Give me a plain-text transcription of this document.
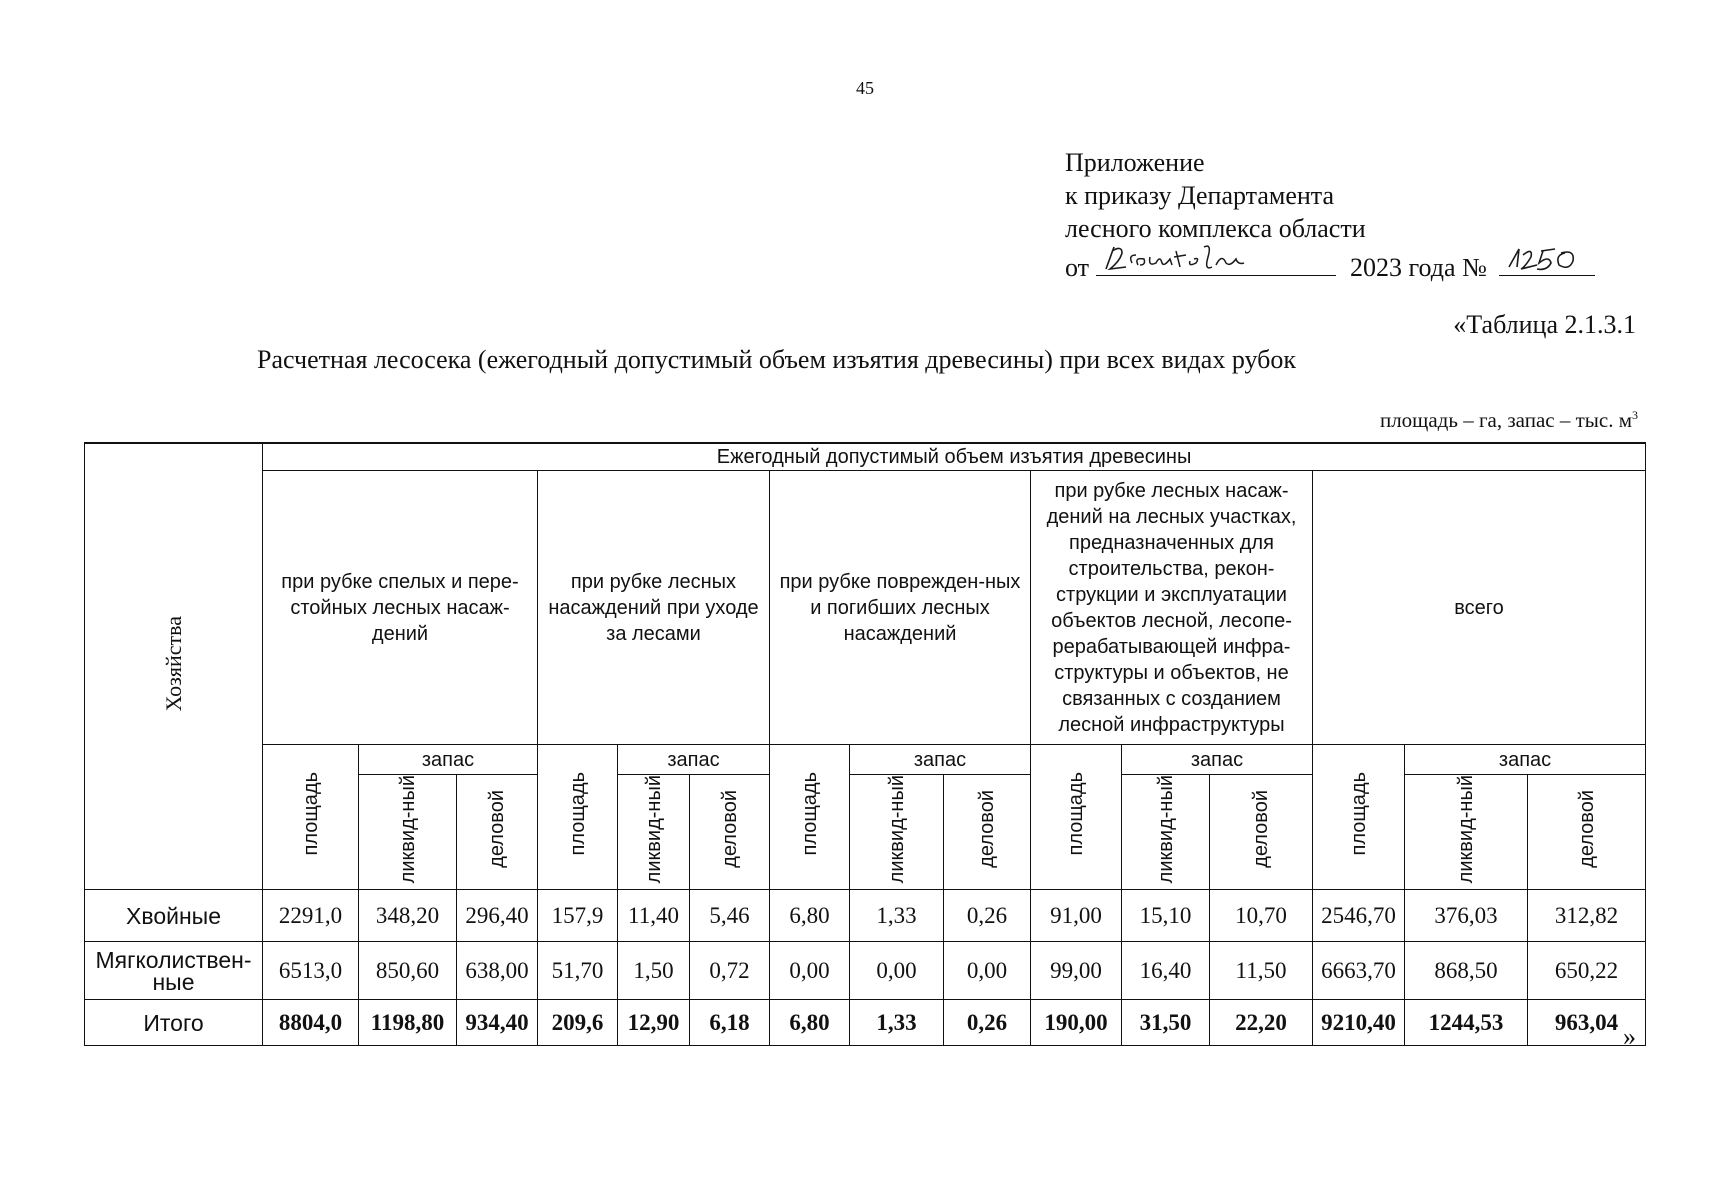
45
Приложение
к приказу Департамента
лесного комплекса области
от	2023 года №
«Таблица 2.1.3.1
Расчетная лесосека (ежегодный допустимый объем изъятия древесины) при всех видах рубок
площадь – га, запас – тыс. $м^3$
Хозяйства	Ежегодный допустимый объем изъятия древесины														
	при рубке спелых и пере-стойных лесных насаж-дений			при рубке лесных насаждений при уходе за лесами			при рубке поврежден-ных и погибших лесных насаждений			при рубке лесных насаж-дений на лесных участках, предназначенных для строительства, рекон-струкции и эксплуатации объектов лесной, лесопе-рерабатывающей инфра-структуры и объектов, не связанных с созданием лесной инфраструктуры			всего		
	площадь	запас		площадь	запас		площадь	запас		площадь	запас		площадь	запас	
		ликвид-ный	деловой		ликвид-ный	деловой		ликвид-ный	деловой		ликвид-ный	деловой		ликвид-ный	деловой
Хвойные	2291,0	348,20	296,40	157,9	11,40	5,46	6,80	1,33	0,26	91,00	15,10	10,70	2546,70	376,03	312,82
Мягколиствен-ные	6513,0	850,60	638,00	51,70	1,50	0,72	0,00	0,00	0,00	99,00	16,40	11,50	6663,70	868,50	650,22
Итого	8804,0	1198,80	934,40	209,6	12,90	6,18	6,80	1,33	0,26	190,00	31,50	22,20	9210,40	1244,53	963,04 »
